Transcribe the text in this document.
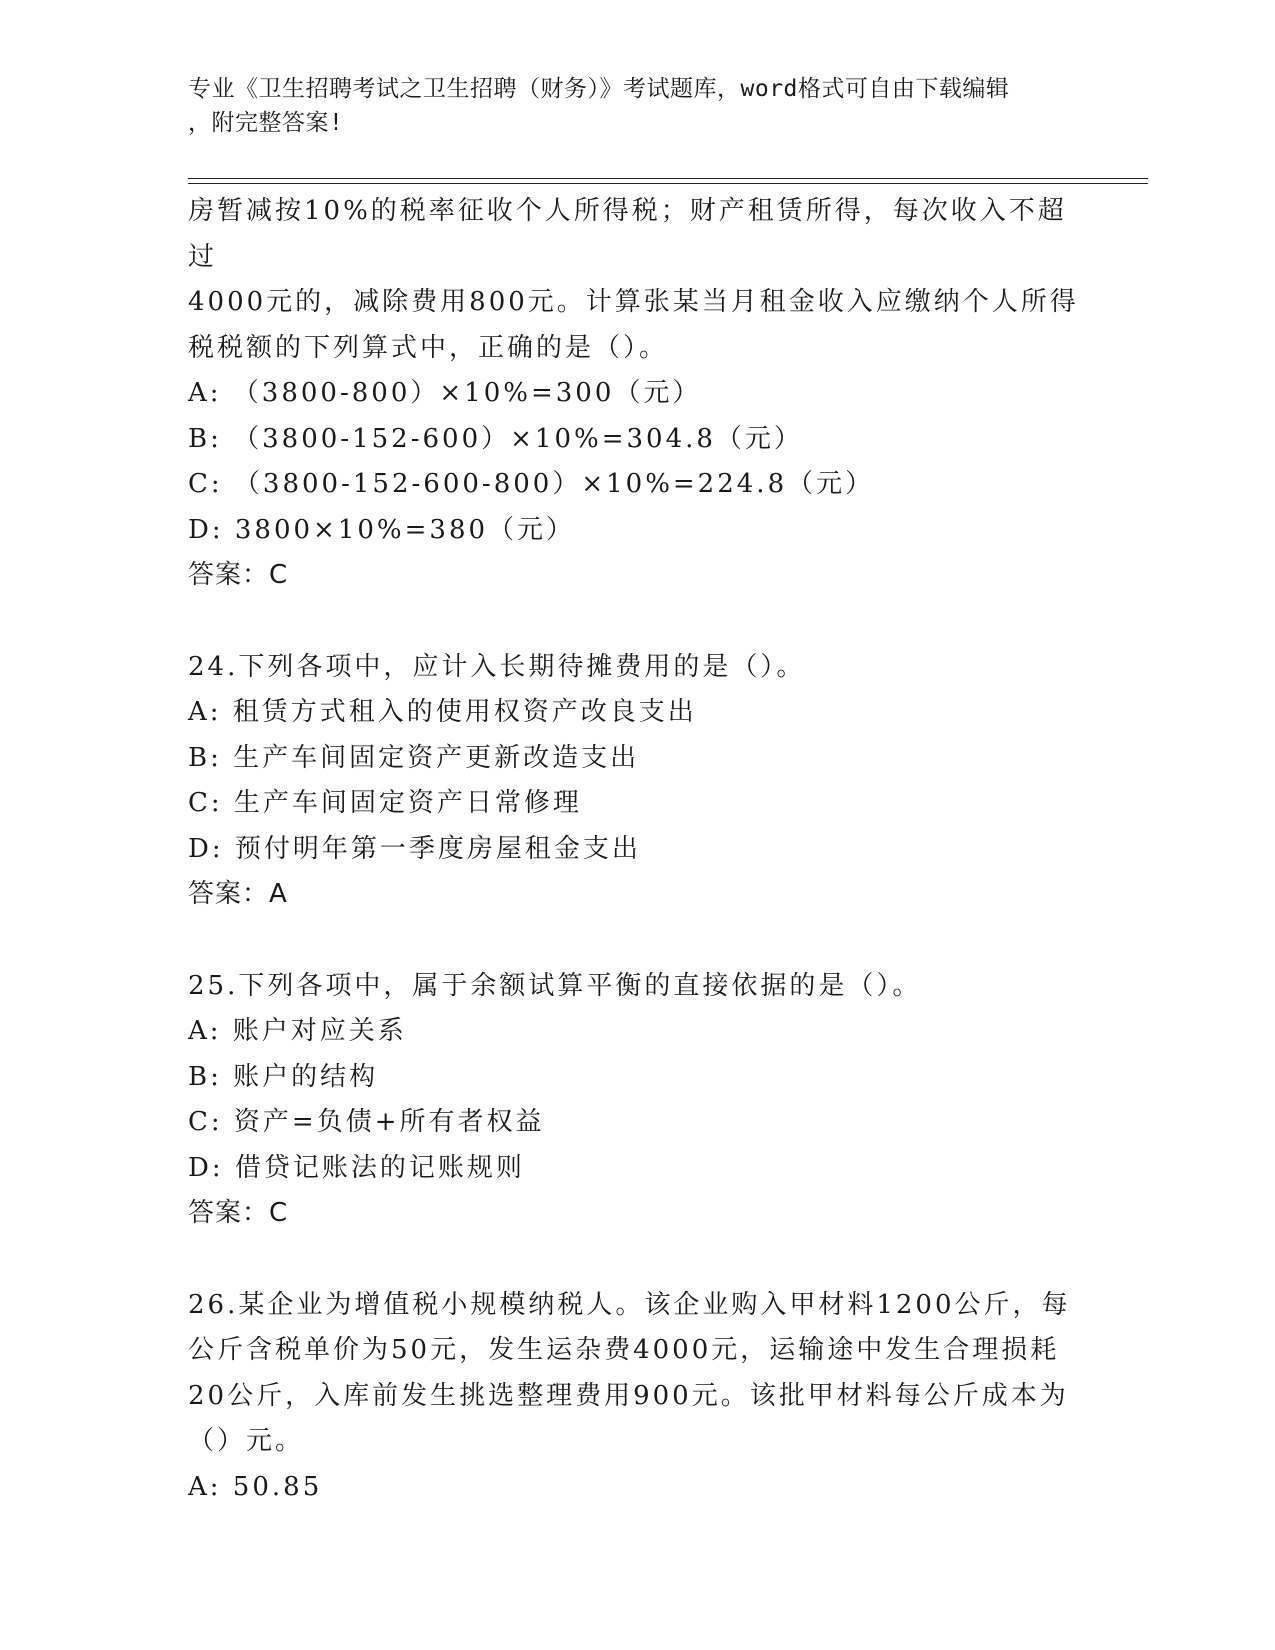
专业《卫生招聘考试之卫生招聘（财务）》考试题库，word格式可自由下载编辑
，附完整答案!

房暂减按10%的税率征收个人所得税；财产租赁所得，每次收入不超过

4000元的，减除费用800元。计算张某当月租金收入应缴纳个人所得

税税额的下列算式中，正确的是（）。

A: （3800-800）×10%=300（元）

B: （3800-152-600）×10%=304.8（元）

C: （3800-152-600-800）×10%=224.8（元）

D: 3800×10%=380（元）

答案：C

24.下列各项中，应计入长期待摊费用的是（）。

A: 租赁方式租入的使用权资产改良支出

B: 生产车间固定资产更新改造支出

C: 生产车间固定资产日常修理

D: 预付明年第一季度房屋租金支出

答案：A

25.下列各项中，属于余额试算平衡的直接依据的是（）。

A: 账户对应关系

B: 账户的结构

C: 资产=负债+所有者权益

D: 借贷记账法的记账规则

答案：C

26.某企业为增值税小规模纳税人。该企业购入甲材料1200公斤，每

公斤含税单价为50元，发生运杂费4000元，运输途中发生合理损耗

20公斤，入库前发生挑选整理费用900元。该批甲材料每公斤成本为

（）元。

A: 50.85
